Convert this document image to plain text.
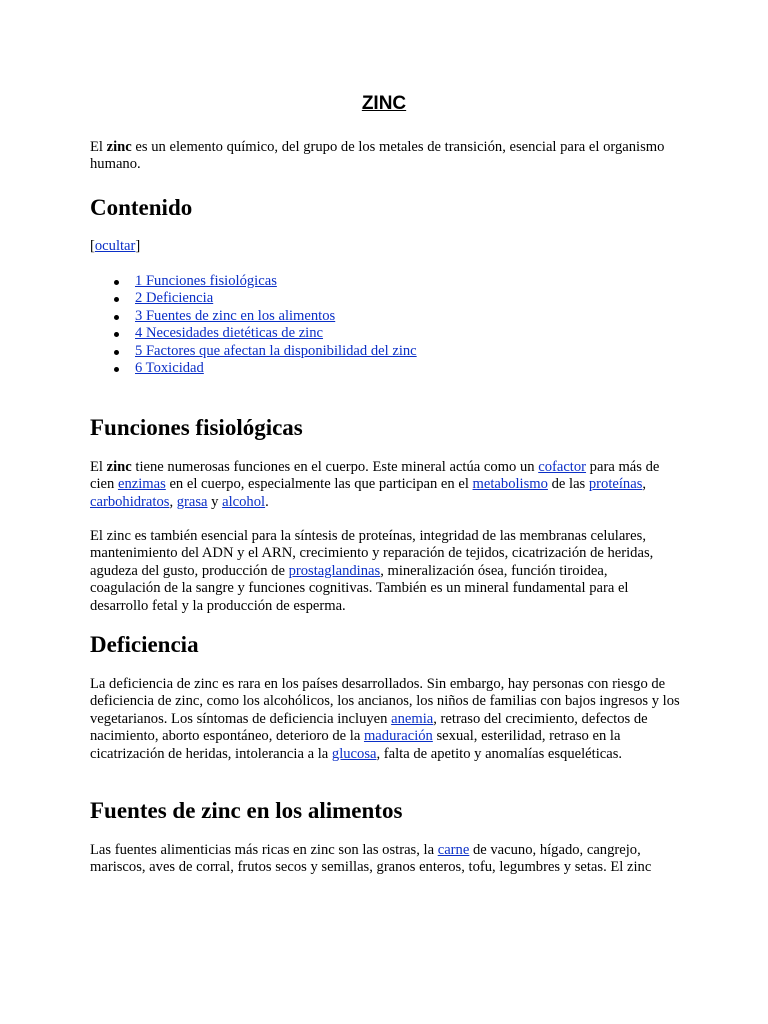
ZINC

El zinc es un elemento químico, del grupo de los metales de transición, esencial para el organismo humano.

Contenido

[ocultar]

1 Funciones fisiológicas
2 Deficiencia
3 Fuentes de zinc en los alimentos
4 Necesidades dietéticas de zinc
5 Factores que afectan la disponibilidad del zinc
6 Toxicidad
Funciones fisiológicas

El zinc tiene numerosas funciones en el cuerpo. Este mineral actúa como un cofactor para más de cien enzimas en el cuerpo, especialmente las que participan en el metabolismo de las proteínas, carbohidratos, grasa y alcohol.

El zinc es también esencial para la síntesis de proteínas, integridad de las membranas celulares, mantenimiento del ADN y el ARN, crecimiento y reparación de tejidos, cicatrización de heridas, agudeza del gusto, producción de prostaglandinas, mineralización ósea, función tiroidea, coagulación de la sangre y funciones cognitivas. También es un mineral fundamental para el desarrollo fetal y la producción de esperma.

Deficiencia

La deficiencia de zinc es rara en los países desarrollados. Sin embargo, hay personas con riesgo de deficiencia de zinc, como los alcohólicos, los ancianos, los niños de familias con bajos ingresos y los vegetarianos. Los síntomas de deficiencia incluyen anemia, retraso del crecimiento, defectos de nacimiento, aborto espontáneo, deterioro de la maduración sexual, esterilidad, retraso en la cicatrización de heridas, intolerancia a la glucosa, falta de apetito y anomalías esqueléticas.

Fuentes de zinc en los alimentos

Las fuentes alimenticias más ricas en zinc son las ostras, la carne de vacuno, hígado, cangrejo, mariscos, aves de corral, frutos secos y semillas, granos enteros, tofu, legumbres y setas. El zinc
